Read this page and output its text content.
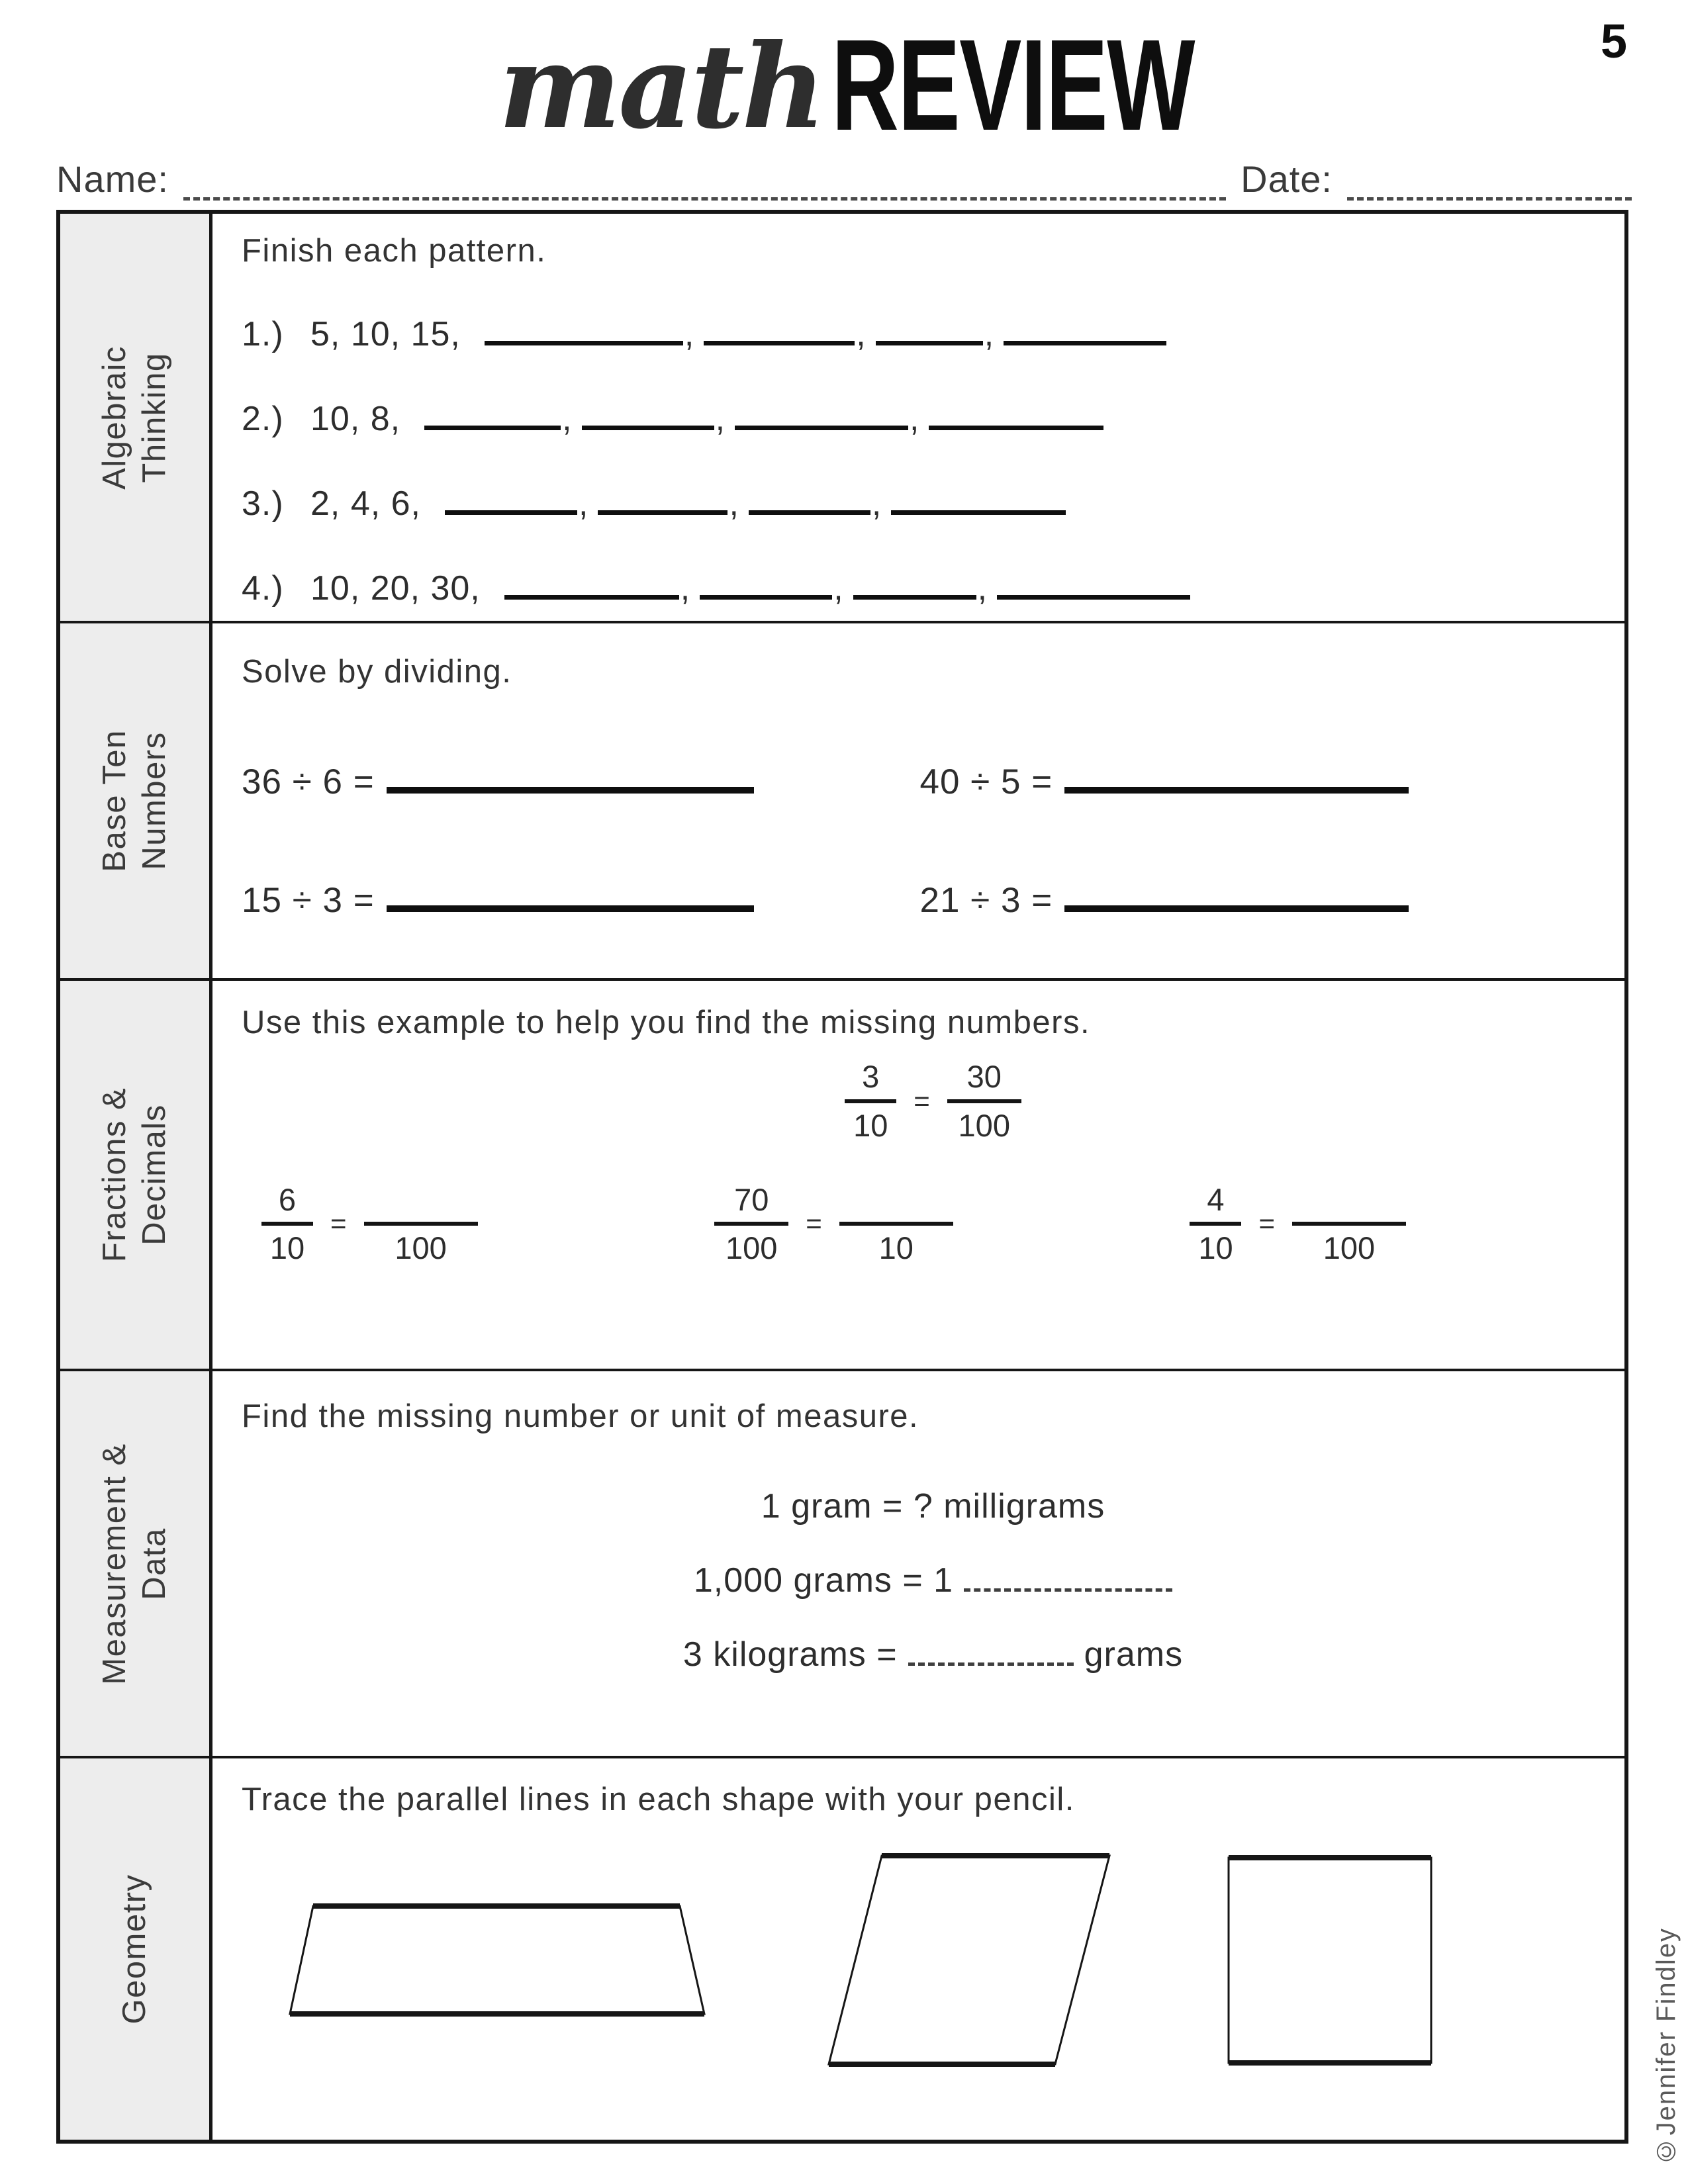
math REVIEW	5
Name:	Date:
Algebraic Thinking
Finish each pattern.
1.) 5, 10, 15,	,	,	,
2.) 10, 8,	,	,	,
3.) 2, 4, 6,	,	,	,
4.) 10, 20, 30,	,	,	,
Base Ten Numbers
Solve by dividing.
36 ÷ 6 =	40 ÷ 5 =
15 ÷ 3 =	21 ÷ 3 =
Fractions & Decimals
Use this example to help you find the missing numbers.
3
10
=
30
100
6
10
=
100
70
100
=
10
4
10
=
100
Measurement & Data
Find the missing number or unit of measure.
1 gram = ? milligrams
1,000 grams = 1
3 kilograms =	grams
Geometry
Trace the parallel lines in each shape with your pencil.
©Jennifer Findley
